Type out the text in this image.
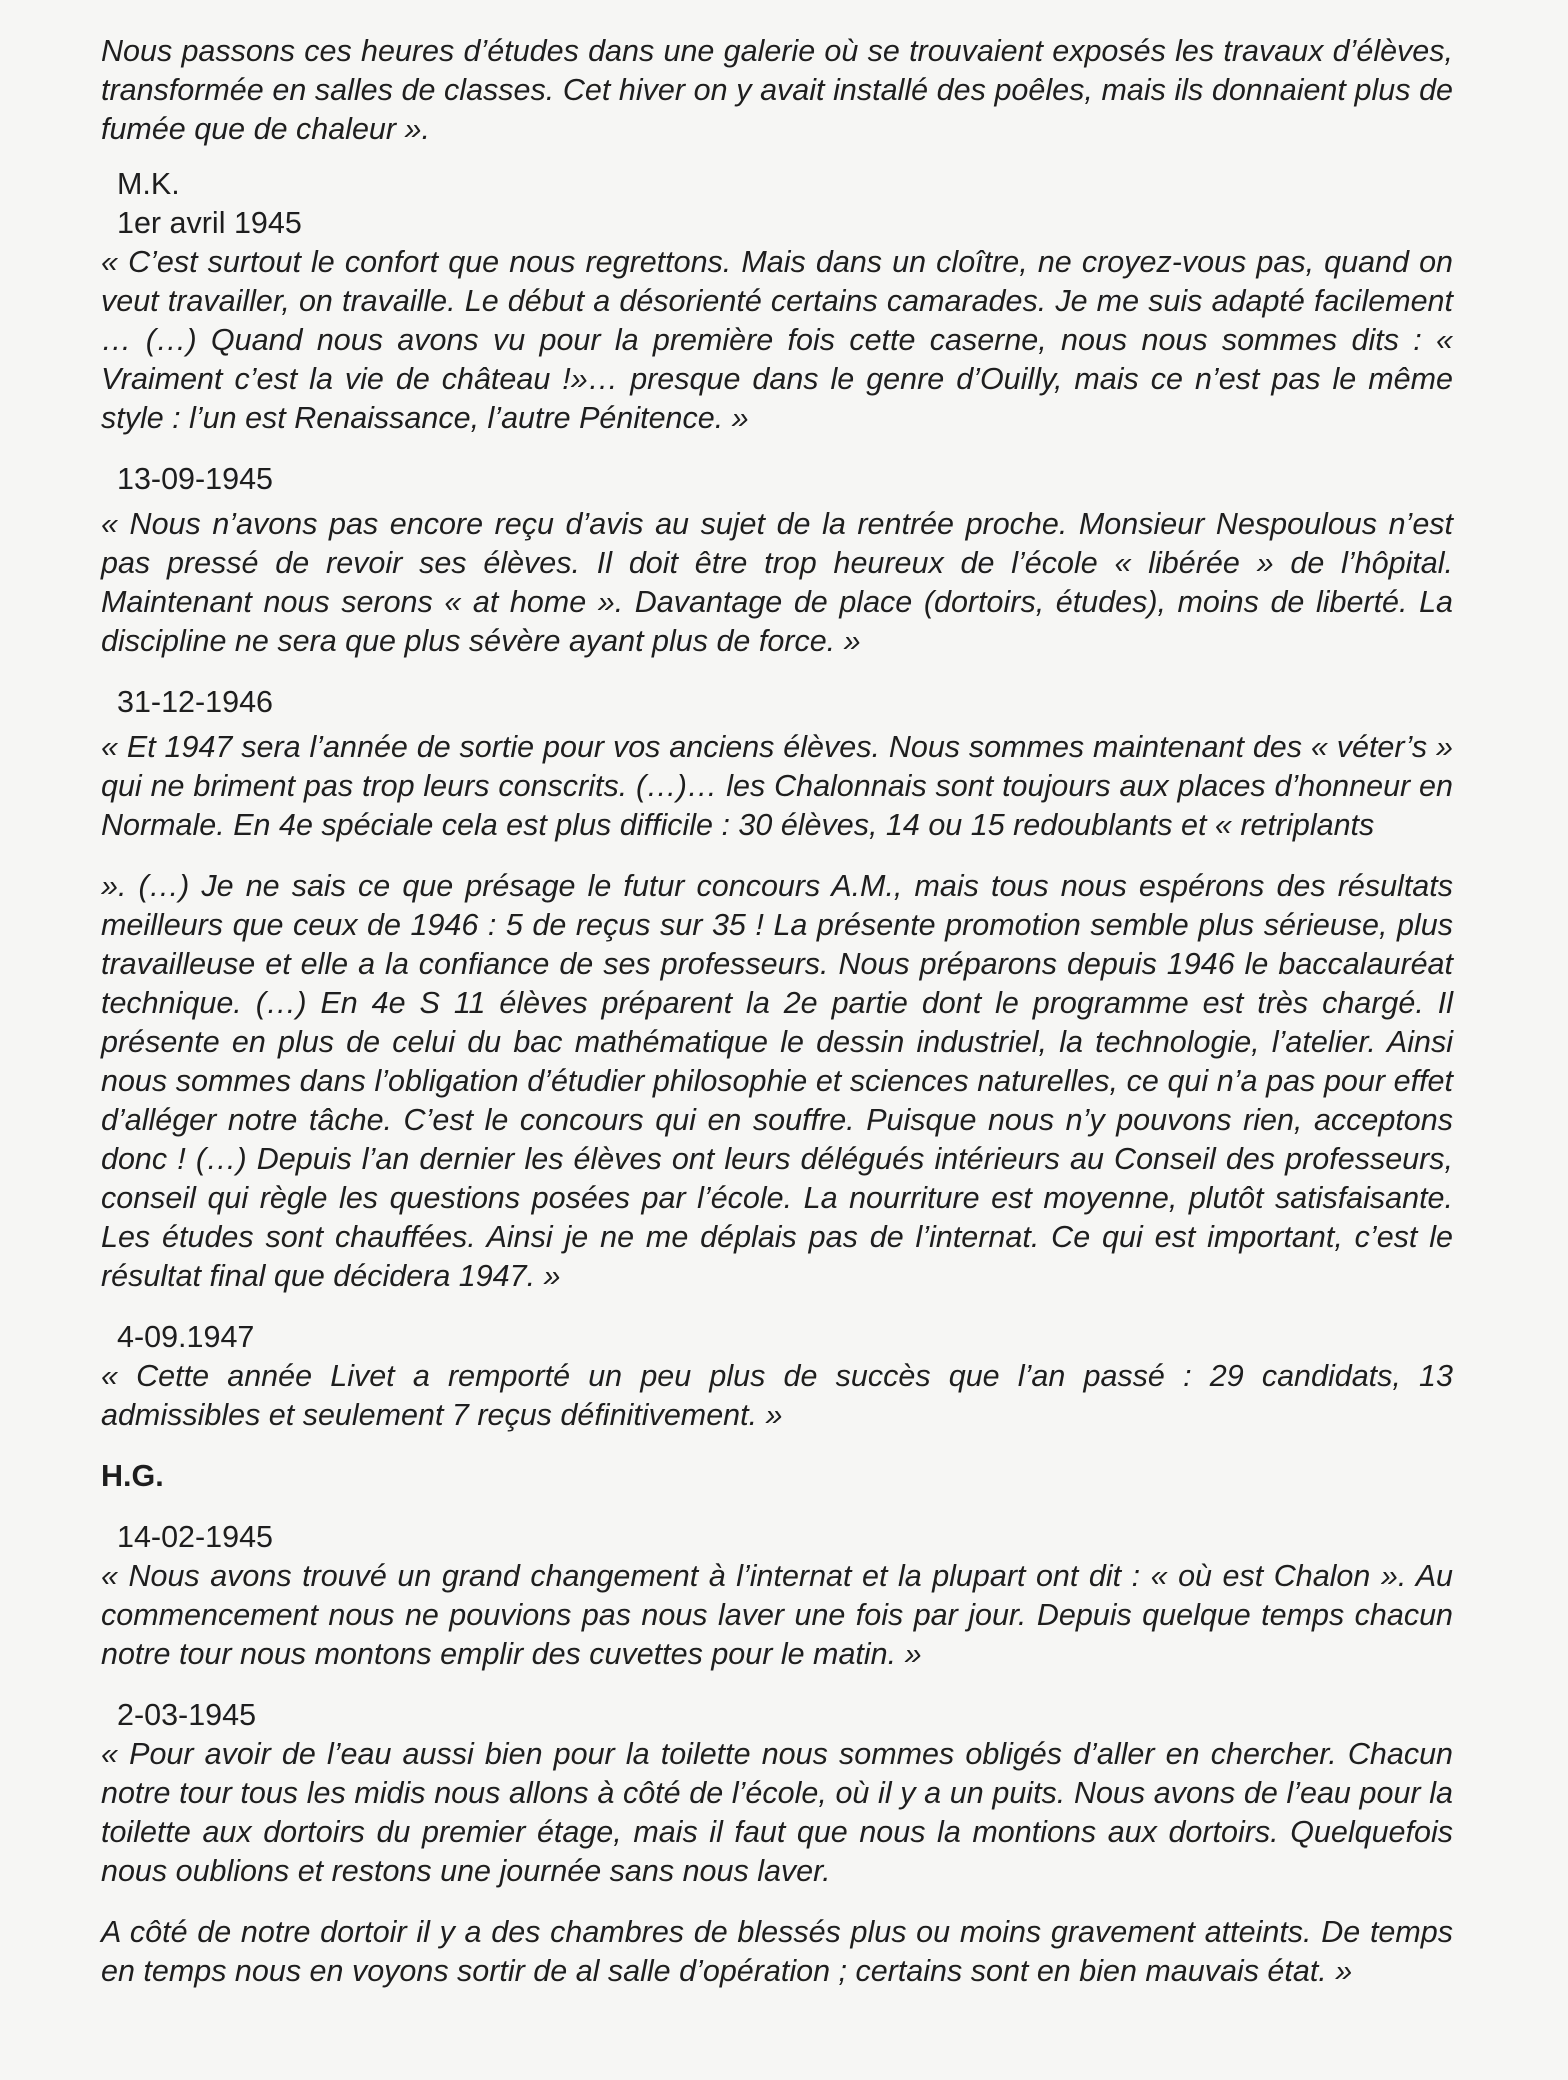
Nous passons ces heures d’études dans une galerie où se trouvaient exposés les travaux d’élèves, transformée en salles de classes. Cet hiver on y avait installé des poêles, mais ils donnaient plus de fumée que de chaleur ».

M.K.

1er avril 1945

« C’est surtout le confort que nous regrettons. Mais dans un cloître, ne croyez-vous pas, quand on veut travailler, on travaille. Le début a désorienté certains camarades. Je me suis adapté facilement … (…) Quand nous avons vu pour la première fois cette caserne, nous nous sommes dits : « Vraiment c’est la vie de château !»… presque dans le genre d’Ouilly, mais ce n’est pas le même style : l’un est Renaissance, l’autre Pénitence. »

13-09-1945

« Nous n’avons pas encore reçu d’avis au sujet de la rentrée proche. Monsieur Nespoulous n’est pas pressé de revoir ses élèves. Il doit être trop heureux de l’école « libérée » de l’hôpital. Maintenant nous serons « at home ». Davantage de place (dortoirs, études), moins de liberté. La discipline ne sera que plus sévère ayant plus de force. »

31-12-1946

« Et 1947 sera l’année de sortie pour vos anciens élèves. Nous sommes maintenant des « véter’s » qui ne briment pas trop leurs conscrits. (…)… les Chalonnais sont toujours aux places d’honneur en Normale. En 4e spéciale cela est plus difficile : 30 élèves, 14 ou 15 redoublants et « retriplants

». (…) Je ne sais ce que présage le futur concours A.M., mais tous nous espérons des résultats meilleurs que ceux de 1946 : 5 de reçus sur 35 ! La présente promotion semble plus sérieuse, plus travailleuse et elle a la confiance de ses professeurs. Nous préparons depuis 1946 le baccalauréat technique. (…) En 4e S 11 élèves préparent la 2e partie dont le programme est très chargé. Il présente en plus de celui du bac mathématique le dessin industriel, la technologie, l’atelier. Ainsi nous sommes dans l’obligation d’étudier philosophie et sciences naturelles, ce qui n’a pas pour effet d’alléger notre tâche. C’est le concours qui en souffre. Puisque nous n’y pouvons rien, acceptons donc ! (…) Depuis l’an dernier les élèves ont leurs délégués intérieurs au Conseil des professeurs, conseil qui règle les questions posées par l’école. La nourriture est moyenne, plutôt satisfaisante. Les études sont chauffées. Ainsi je ne me déplais pas de l’internat. Ce qui est important, c’est le résultat final que décidera 1947. »

4-09.1947

« Cette année Livet a remporté un peu plus de succès que l’an passé : 29 candidats, 13 admissibles et seulement 7 reçus définitivement. »

H.G.

14-02-1945

« Nous avons trouvé un grand changement à l’internat et la plupart ont dit : « où est Chalon ». Au commencement nous ne pouvions pas nous laver une fois par jour. Depuis quelque temps chacun notre tour nous montons emplir des cuvettes pour le matin. »

2-03-1945

« Pour avoir de l’eau aussi bien pour la toilette nous sommes obligés d’aller en chercher. Chacun notre tour tous les midis nous allons à côté de l’école, où il y a un puits. Nous avons de l’eau pour la toilette aux dortoirs du premier étage, mais il faut que nous la montions aux dortoirs. Quelquefois nous oublions et restons une journée sans nous laver.

A côté de notre dortoir il y a des chambres de blessés plus ou moins gravement atteints. De temps en temps nous en voyons sortir de al salle d’opération ; certains sont en bien mauvais état. »
